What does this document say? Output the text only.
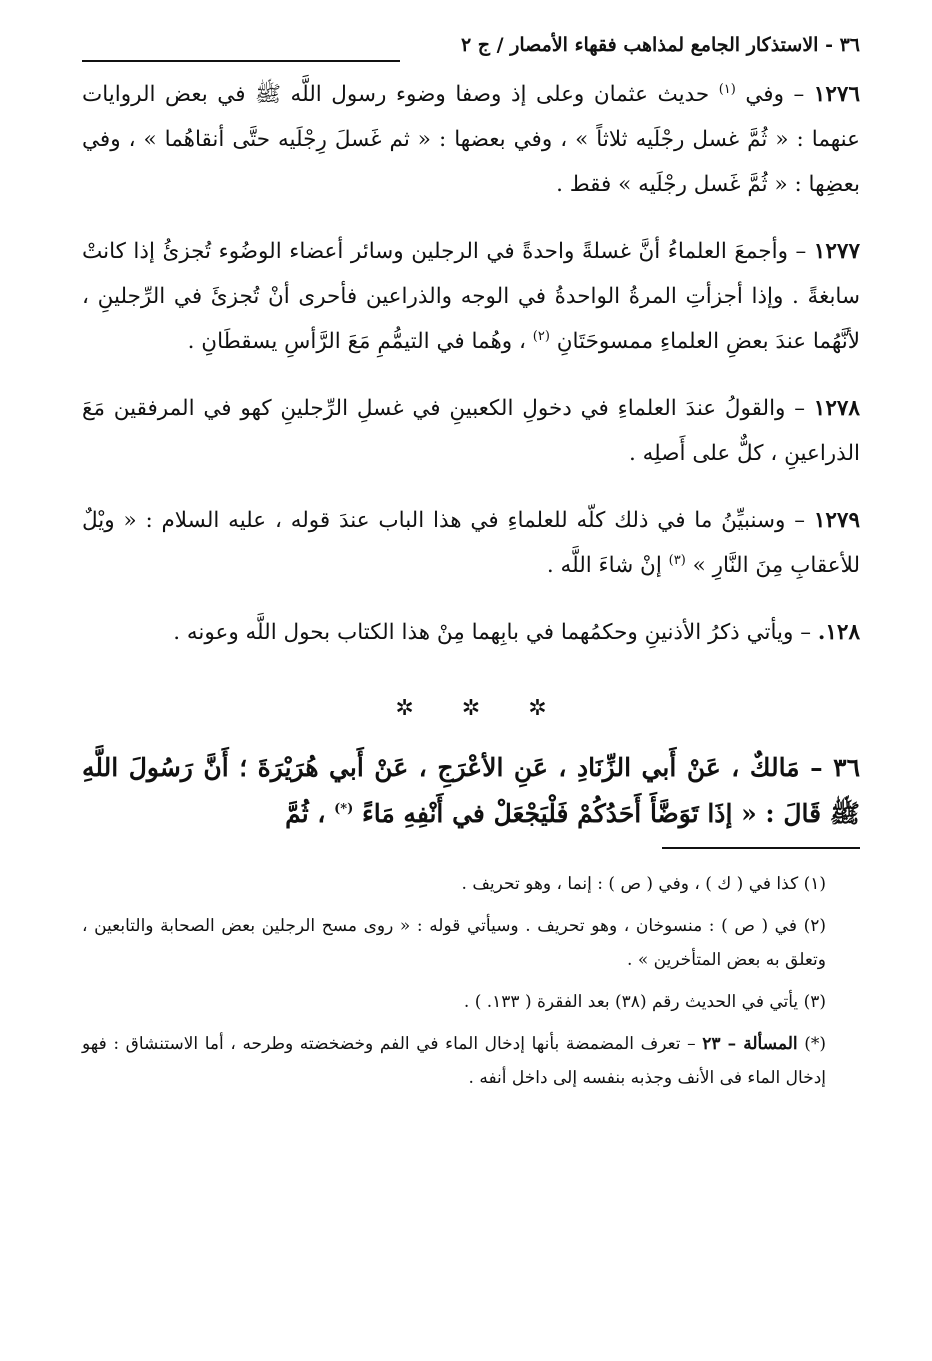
٣٦ - الاستذكار الجامع لمذاهب فقهاء الأمصار / ج ٢

١٢٧٦ – وفي $^{(١)}$ حديث عثمان وعلى إذ وصفا وضوء رسول اللَّه ﷺ في بعض الروايات عنهما : « ثُمَّ غسل رجْلَيه ثلاثاً » ، وفي بعضها : « ثم غَسلَ رِجْلَيه حتَّى أنقاهُما » ، وفي بعضِها : « ثُمَّ غَسل رجْلَيه » فقط .

١٢٧٧ – وأجمعَ العلماءُ أنَّ غسلةً واحدةً في الرجلين وسائر أعضاء الوضُوء تُجزئُ إذا كانتْ سابغةً . وإذا أجزأتِ المرةُ الواحدةُ في الوجه والذراعين فأحرى أنْ تُجزئَ في الرِّجلينِ ، لأنَّهُما عندَ بعضِ العلماءِ ممسوحَتَانِ $^{(٢)}$ ، وهُما في التيمُّمِ مَعَ الرَّأسِ يسقطَانِ .

١٢٧٨ – والقولُ عندَ العلماءِ في دخولِ الكعبينِ في غسلِ الرِّجلينِ كهو في المرفقين مَعَ الذراعينِ ، كلٌّ على أَصلِه .

١٢٧٩ – وسنبيِّنُ ما في ذلك كلّه للعلماءِ في هذا الباب عندَ قوله ، عليه السلام : « ويْلٌ للأعقابِ مِنَ النَّارِ » $^{(٣)}$ إنْ شاءَ اللَّه .

١٢٨. – ويأتي ذكرُ الأذنينِ وحكمُهما في بابِهما مِنْ هذا الكتاب بحول اللَّه وعونه .

✲
✲
✲

٣٦ – مَالكٌ ، عَنْ أَبي الزِّنَادِ ، عَنِ الأعْرَجِ ، عَنْ أَبي هُرَيْرَةَ ؛ أَنَّ رَسُولَ اللَّهِ ﷺ قَالَ : « إذَا تَوَضَّأَ أَحَدُكُمْ فَلْيَجْعَلْ في أَنْفِهِ مَاءً (*) ، ثُمَّ

(١) كذا في ( ك ) ، وفي ( ص ) : إنما ، وهو تحريف .

(٢) في ( ص ) : منسوخان ، وهو تحريف . وسيأتي قوله : « روى مسح الرجلين بعض الصحابة والتابعين ، وتعلق به بعض المتأخرين » .

(٣) يأتي في الحديث رقم (٣٨) بعد الفقرة ( ١٣٣. ) .

(*) المسألة – ٢٣ – تعرف المضمضة بأنها إدخال الماء في الفم وخضخضته وطرحه ، أما الاستنشاق : فهو إدخال الماء فى الأنف وجذبه بنفسه إلى داخل أنفه .
